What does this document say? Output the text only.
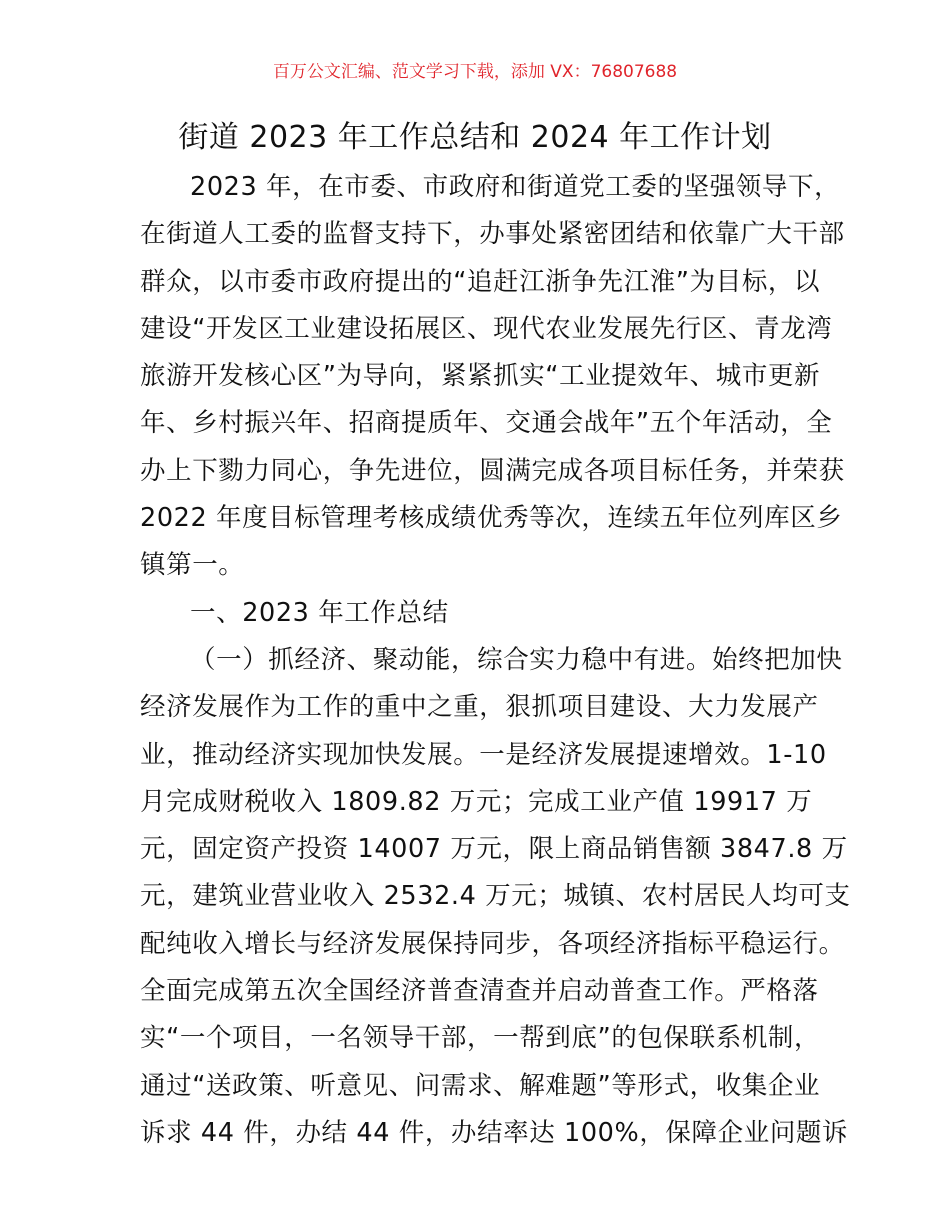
百万公文汇编、范文学习下载，添加 VX：76807688
街道 2023 年工作总结和 2024 年工作计划
2023 年，在市委、市政府和街道党工委的坚强领导下，
在街道人工委的监督支持下，办事处紧密团结和依靠广大干部
群众，以市委市政府提出的“追赶江浙争先江淮”为目标，以
建设“开发区工业建设拓展区、现代农业发展先行区、青龙湾
旅游开发核心区”为导向，紧紧抓实“工业提效年、城市更新
年、乡村振兴年、招商提质年、交通会战年”五个年活动，全
办上下勠力同心，争先进位，圆满完成各项目标任务，并荣获
2022 年度目标管理考核成绩优秀等次，连续五年位列库区乡
镇第一。
一、2023 年工作总结
（一）抓经济、聚动能，综合实力稳中有进。始终把加快
经济发展作为工作的重中之重，狠抓项目建设、大力发展产
业，推动经济实现加快发展。一是经济发展提速增效。1-10
月完成财税收入 1809.82 万元；完成工业产值 19917 万
元，固定资产投资 14007 万元，限上商品销售额 3847.8 万
元，建筑业营业收入 2532.4 万元；城镇、农村居民人均可支
配纯收入增长与经济发展保持同步，各项经济指标平稳运行。
全面完成第五次全国经济普查清查并启动普查工作。严格落
实“一个项目，一名领导干部，一帮到底”的包保联系机制，
通过“送政策、听意见、问需求、解难题”等形式，收集企业
诉求 44 件，办结 44 件，办结率达 100%，保障企业问题诉
